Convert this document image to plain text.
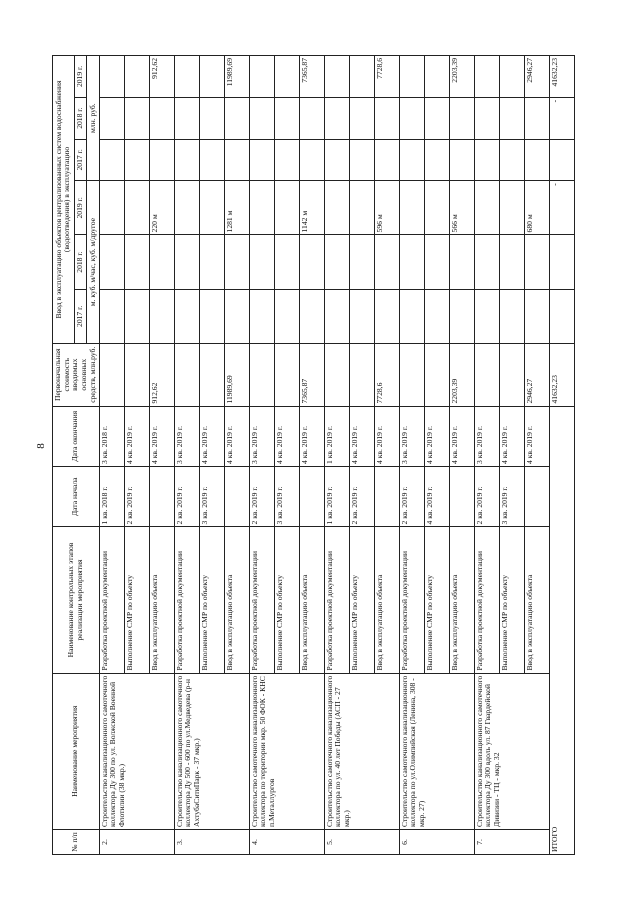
8
№ п/п	Наименование мероприятия	Наименование контрольных этапов реализации мероприятия	Дата начала	Дата окончания	Первоначальная стоимость вводимых основных средств, млн.руб.	Ввод в эксплуатацию объектов централизованных систем водоснабжения (водоотведения) в эксплуатацию					
						2017 г.	2018 г.	2019 г.	2017 г.	2018 г.	2019 г.
						м. куб. м/час, куб. м/другое			млн. руб.		
2.	Строительство канализационного самотечного коллектора Ду 300 по ул. Волжской Военной Флотилии (38 мкр.)	Разработка проектной документации	1 кв. 2018 г.	3 кв. 2018 г.							
		Выполнение СМР по объекту	2 кв. 2019 г.	4 кв. 2019 г.							
		Ввод в эксплуатацию объекта		4 кв. 2019 г.	912,62			220 м			912,62
3.	Строительство канализационного самотечного коллектора Ду 500 - 600 по ул.Медведева (р-н АхтубаСитиПарк - 37 мкр.)	Разработка проектной документации	2 кв. 2019 г.	3 кв. 2019 г.							
		Выполнение СМР по объекту	3 кв. 2019 г.	4 кв. 2019 г.							
		Ввод в эксплуатацию объекта		4 кв. 2019 г.	11989,69			1281 м			11989,69
4.	Строительство самотечного канализационного коллектора по территории мкр. 50 ФОК - КНС п.Металлургов	Разработка проектной документации	2 кв. 2019 г.	3 кв. 2019 г.							
		Выполнение СМР по объекту	3 кв. 2019 г.	4 кв. 2019 г.							
		Ввод в эксплуатацию объекта		4 кв. 2019 г.	7365,87			1142 м			7365,87
5.	Строительство самотечного канализационного коллектора по ул. 40 лет Победы (АСП - 27 мкр.)	Разработка проектной документации	1 кв. 2019 г.	1 кв. 2019 г.							
		Выполнение СМР по объекту	2 кв. 2019 г.	4 кв. 2019 г.							
		Ввод в эксплуатацию объекта		4 кв. 2019 г.	7728,6			596 м			7728,6
6.	Строительство самотечного канализационного коллектора по ул.Олимпийская (Ленина, 308 - мкр. 27)	Разработка проектной документации	2 кв. 2019 г.	3 кв. 2019 г.							
		Выполнение СМР по объекту	4 кв. 2019 г.	4 кв. 2019 г.							
		Ввод в эксплуатацию объекта		4 кв. 2019 г.	2203,39			566 м			2203,39
7.	Строительство канализационного самотечного коллектора Ду 300 вдоль ул. 87 Гвардейской Дивизии - ТЦ - мкр. 32	Разработка проектной документации	2 кв. 2019 г.	3 кв. 2019 г.							
		Выполнение СМР по объекту	3 кв. 2019 г.	4 кв. 2019 г.							
		Ввод в эксплуатацию объекта		4 кв. 2019 г.	2946,27			680 м			2946,27
ИТОГО					41632,23			-		-	41632,23
